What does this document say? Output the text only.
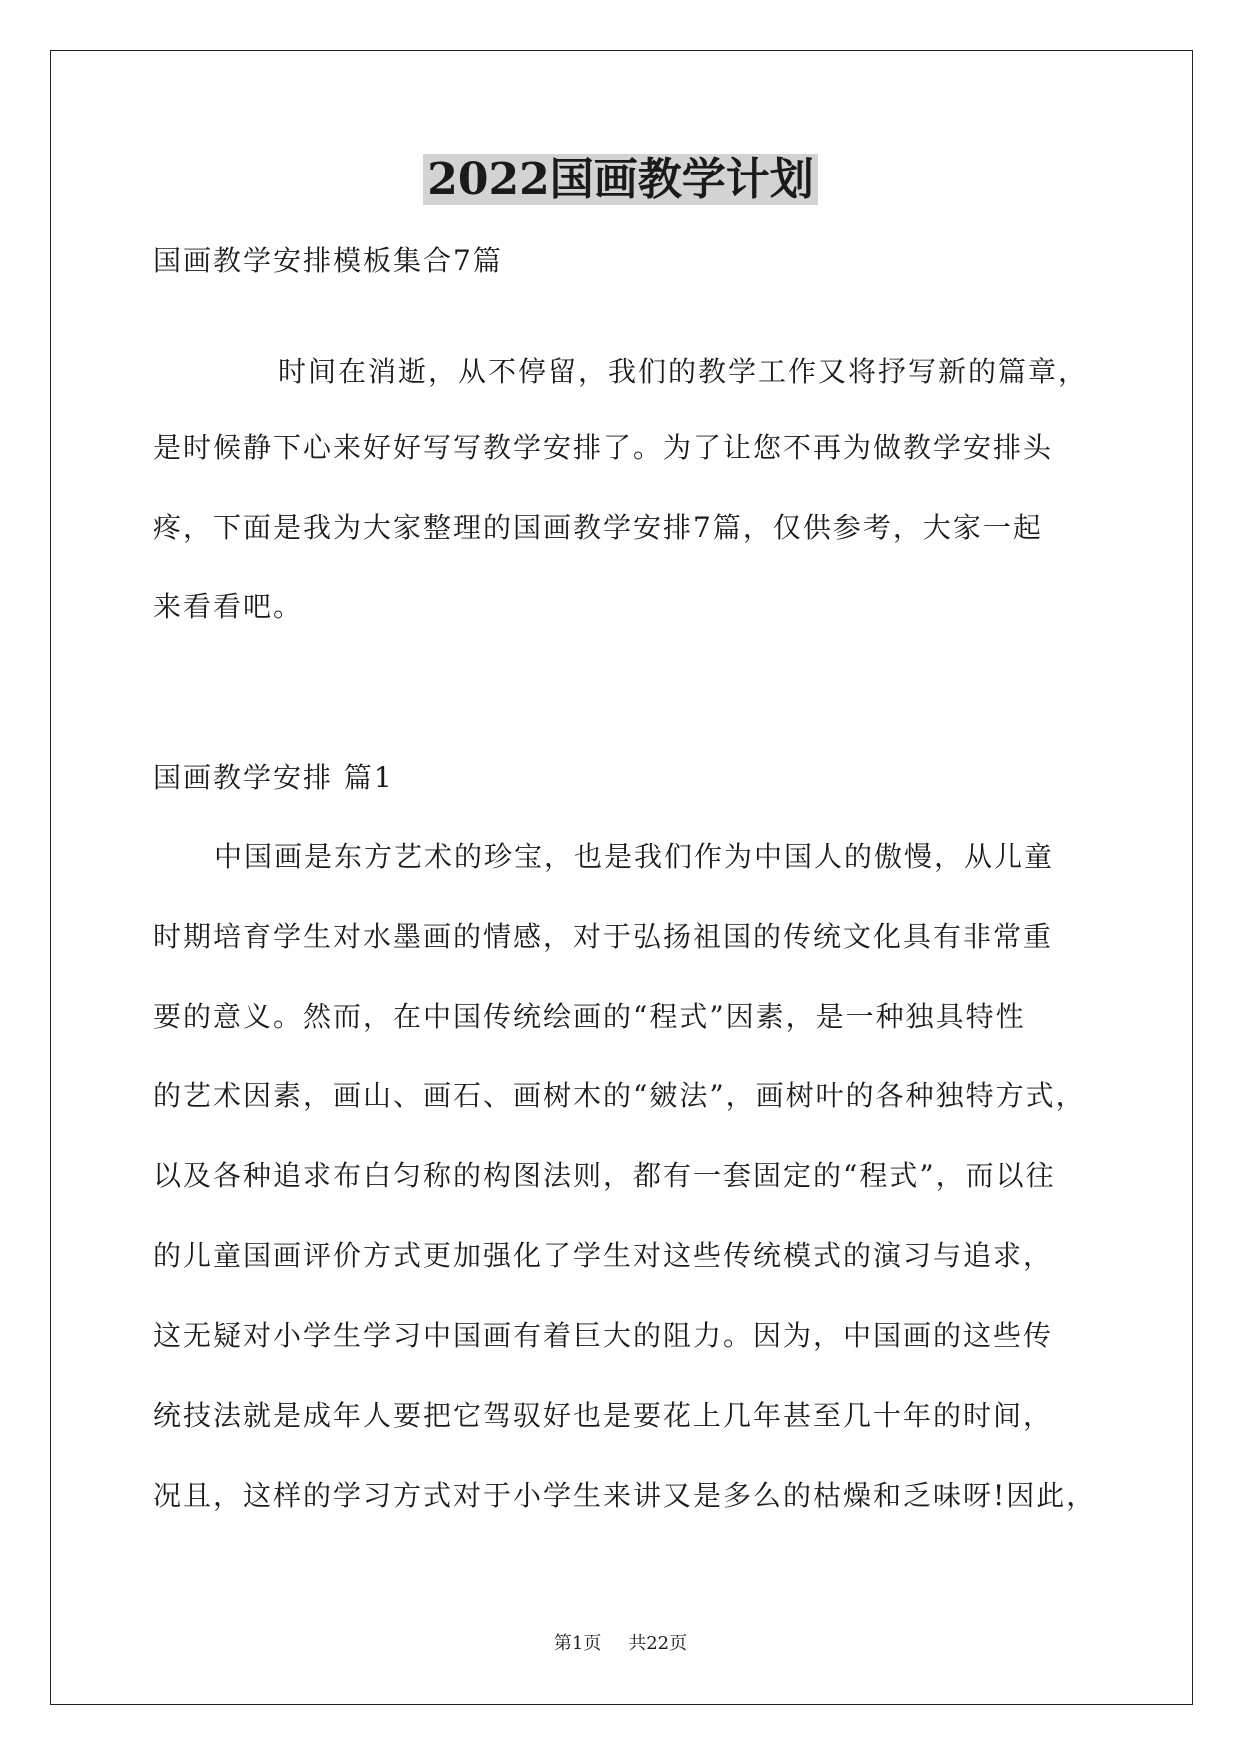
2022国画教学计划
国画教学安排模板集合7篇
时间在消逝，从不停留，我们的教学工作又将抒写新的篇章，
是时候静下心来好好写写教学安排了。为了让您不再为做教学安排头
疼，下面是我为大家整理的国画教学安排7篇，仅供参考，大家一起
来看看吧。
国画教学安排 篇1
中国画是东方艺术的珍宝，也是我们作为中国人的傲慢，从儿童
时期培育学生对水墨画的情感，对于弘扬祖国的传统文化具有非常重
要的意义。然而，在中国传统绘画的“程式”因素，是一种独具特性
的艺术因素，画山、画石、画树木的“皴法”，画树叶的各种独特方式，
以及各种追求布白匀称的构图法则，都有一套固定的“程式”，而以往
的儿童国画评价方式更加强化了学生对这些传统模式的演习与追求，
这无疑对小学生学习中国画有着巨大的阻力。因为，中国画的这些传
统技法就是成年人要把它驾驭好也是要花上几年甚至几十年的时间，
况且，这样的学习方式对于小学生来讲又是多么的枯燥和乏味呀!因此，
第1页 共22页
